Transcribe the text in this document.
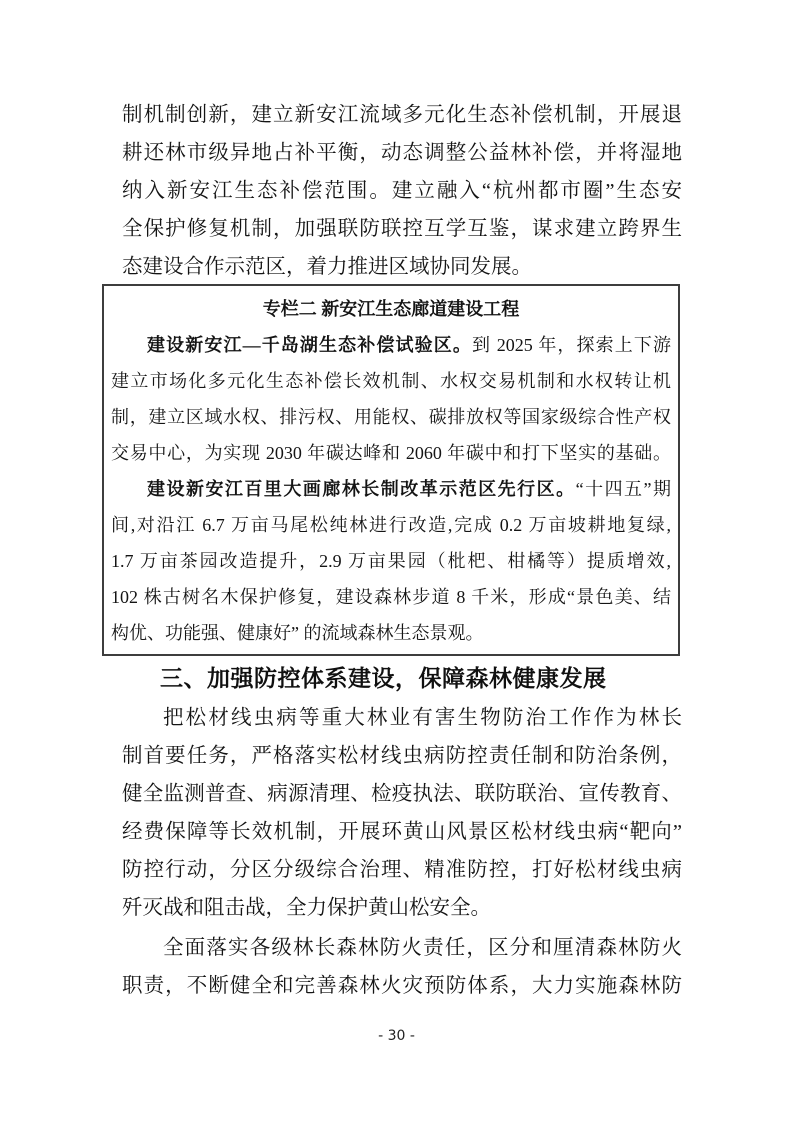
制机制创新，建立新安江流域多元化生态补偿机制，开展退
耕还林市级异地占补平衡，动态调整公益林补偿，并将湿地
纳入新安江生态补偿范围。建立融入“杭州都市圈”生态安
全保护修复机制，加强联防联控互学互鉴，谋求建立跨界生
态建设合作示范区，着力推进区域协同发展。
专栏二 新安江生态廊道建设工程
建设新安江—千岛湖生态补偿试验区。到 2025 年，探索上下游
建立市场化多元化生态补偿长效机制、水权交易机制和水权转让机
制，建立区域水权、排污权、用能权、碳排放权等国家级综合性产权
交易中心，为实现 2030 年碳达峰和 2060 年碳中和打下坚实的基础。
建设新安江百里大画廊林长制改革示范区先行区。“十四五”期
间,对沿江 6.7 万亩马尾松纯林进行改造,完成 0.2 万亩坡耕地复绿,
1.7 万亩茶园改造提升，2.9 万亩果园（枇杷、柑橘等）提质增效,
102 株古树名木保护修复，建设森林步道 8 千米，形成“景色美、结
构优、功能强、健康好” 的流域森林生态景观。
三、加强防控体系建设，保障森林健康发展
把松材线虫病等重大林业有害生物防治工作作为林长
制首要任务，严格落实松材线虫病防控责任制和防治条例，
健全监测普查、病源清理、检疫执法、联防联治、宣传教育、
经费保障等长效机制，开展环黄山风景区松材线虫病“靶向”
防控行动，分区分级综合治理、精准防控，打好松材线虫病
歼灭战和阻击战，全力保护黄山松安全。
全面落实各级林长森林防火责任，区分和厘清森林防火
职责，不断健全和完善森林火灾预防体系，大力实施森林防
- 30 -
